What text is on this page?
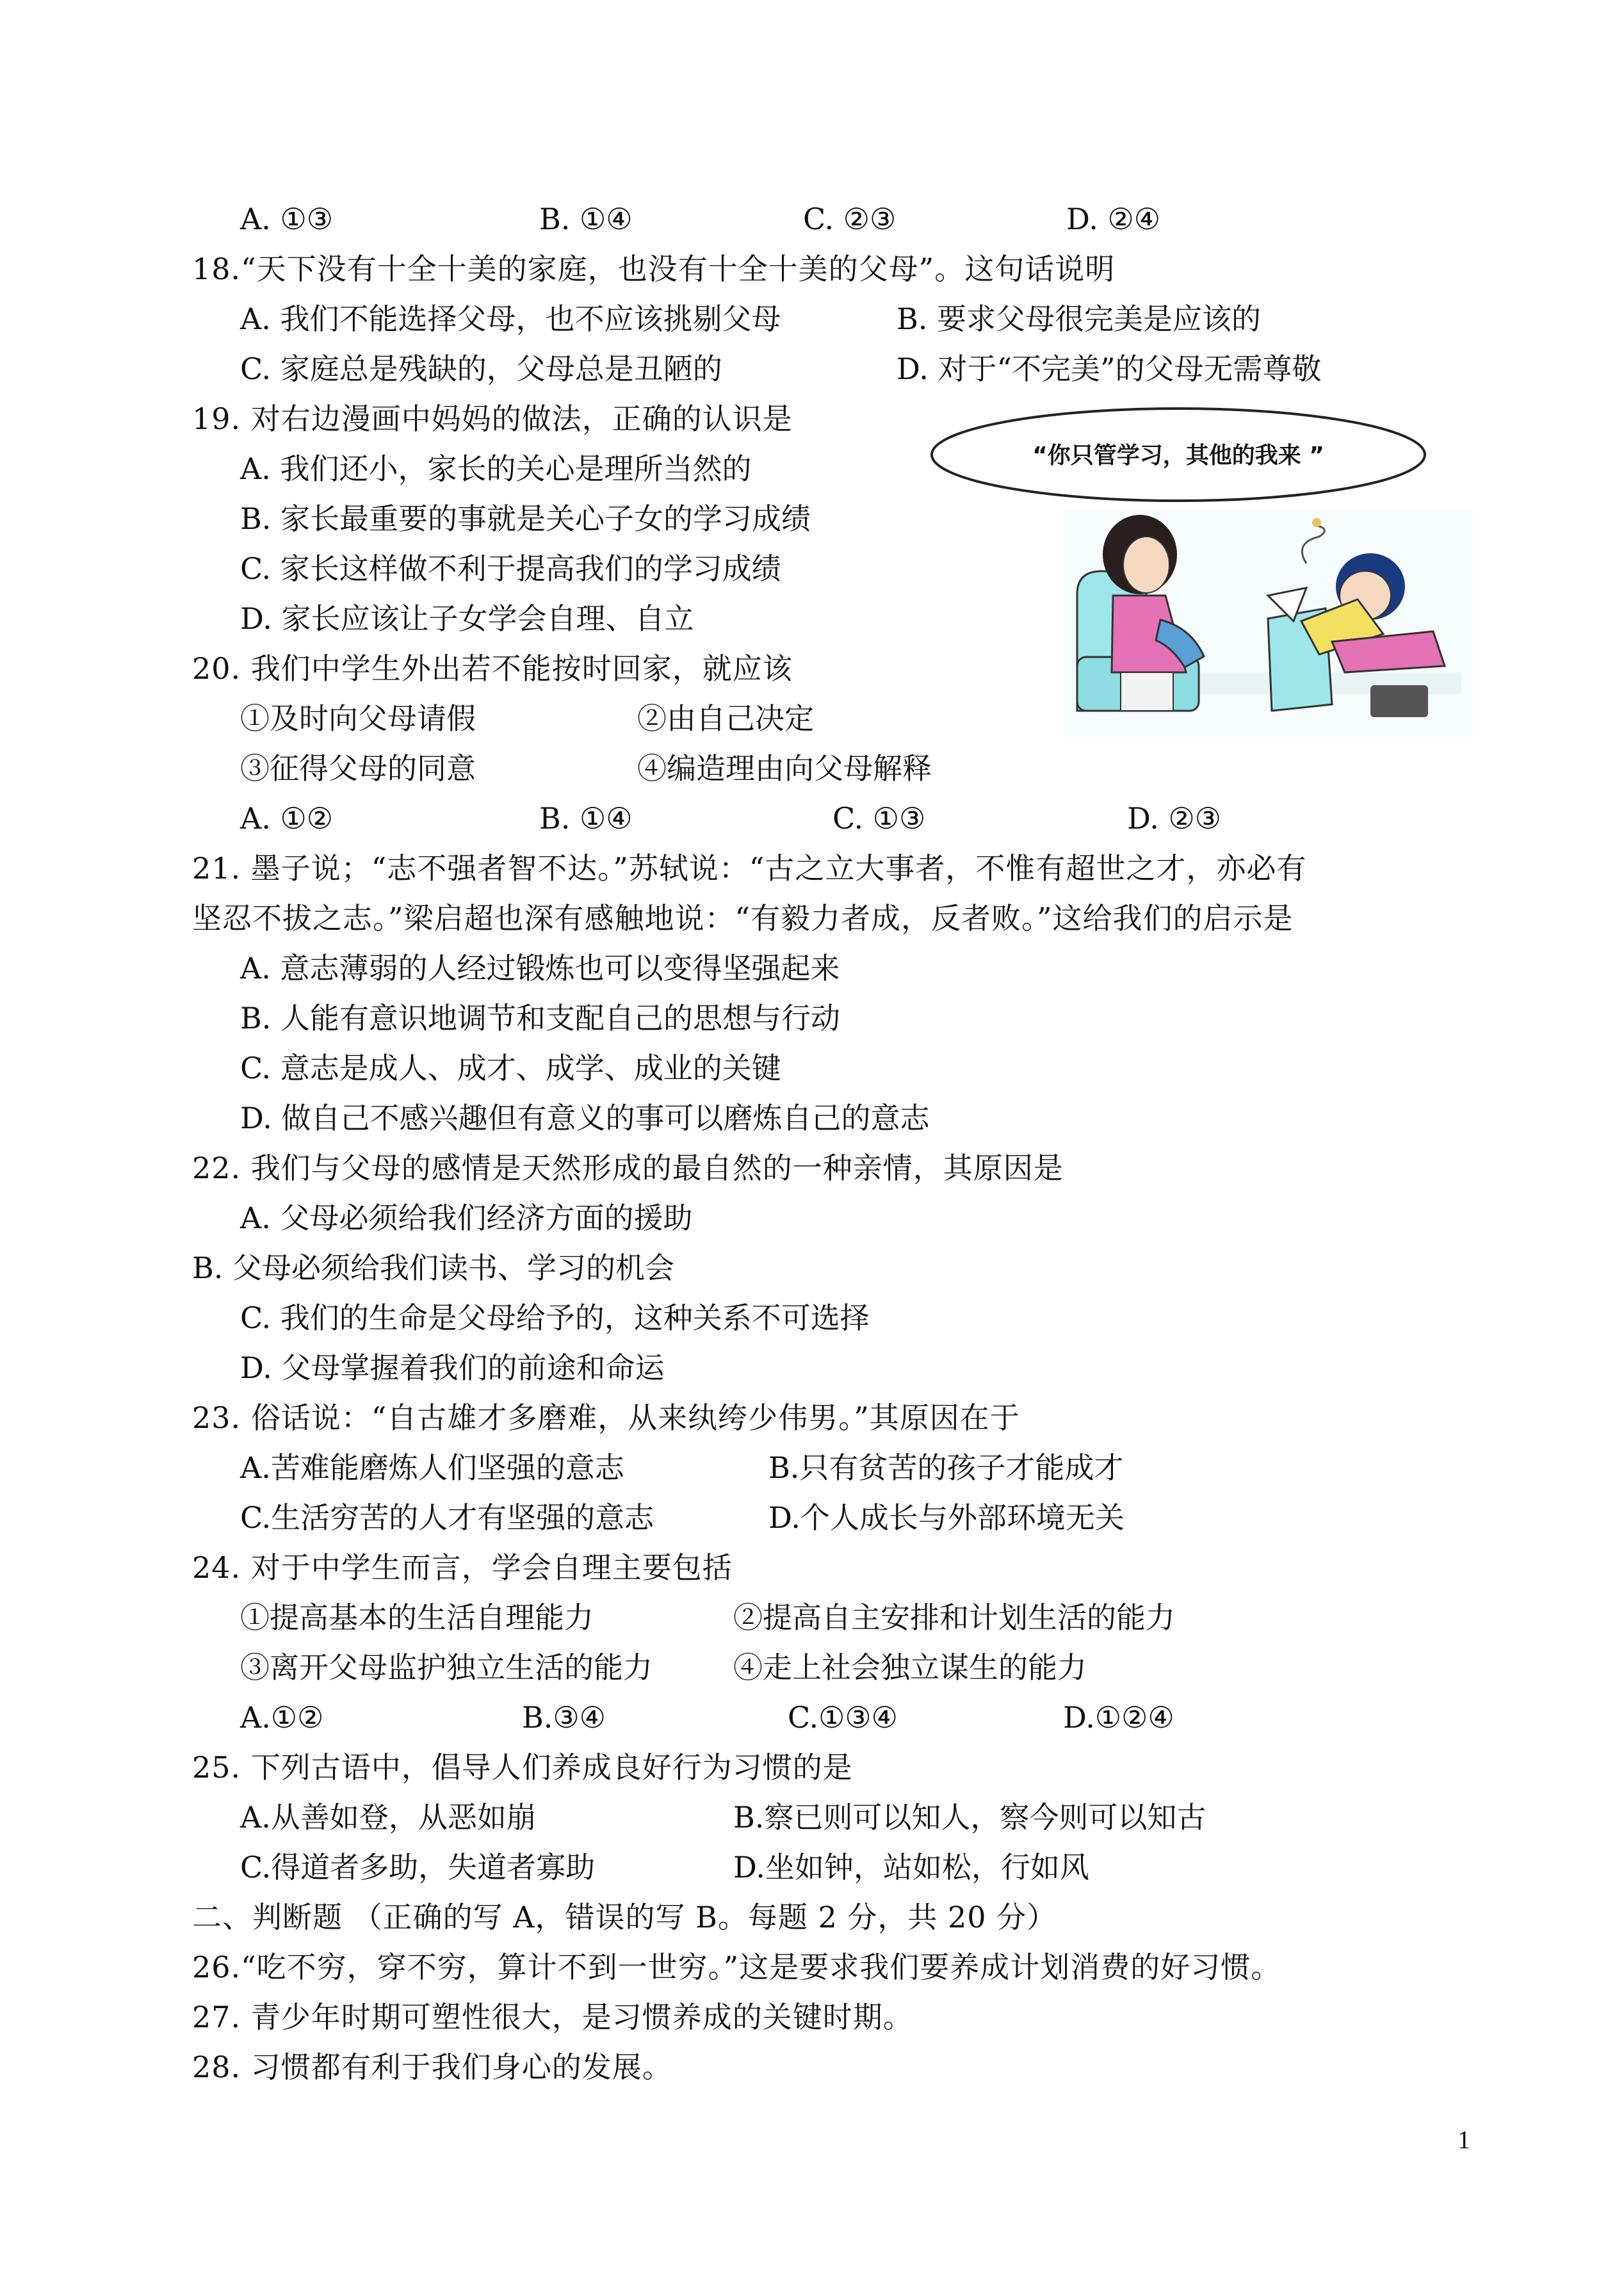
A. ①③	B. ①④	C. ②③	D. ②④
18.“天下没有十全十美的家庭，也没有十全十美的父母”。这句话说明
A. 我们不能选择父母，也不应该挑剔父母	B. 要求父母很完美是应该的
C. 家庭总是残缺的，父母总是丑陋的	D. 对于“不完美”的父母无需尊敬
19. 对右边漫画中妈妈的做法，正确的认识是
A. 我们还小，家长的关心是理所当然的
B. 家长最重要的事就是关心子女的学习成绩
C. 家长这样做不利于提高我们的学习成绩
D. 家长应该让子女学会自理、自立
“你只管学习，其他的我来 ”
20. 我们中学生外出若不能按时回家，就应该
①及时向父母请假	②由自己决定
③征得父母的同意	④编造理由向父母解释
A. ①②	B. ①④	C. ①③	D. ②③
21. 墨子说；“志不强者智不达。”苏轼说：“古之立大事者，不惟有超世之才，亦必有
坚忍不拔之志。”梁启超也深有感触地说：“有毅力者成，反者败。”这给我们的启示是
A. 意志薄弱的人经过锻炼也可以变得坚强起来
B. 人能有意识地调节和支配自己的思想与行动
C. 意志是成人、成才、成学、成业的关键
D. 做自己不感兴趣但有意义的事可以磨炼自己的意志
22. 我们与父母的感情是天然形成的最自然的一种亲情，其原因是
A. 父母必须给我们经济方面的援助
B. 父母必须给我们读书、学习的机会
C. 我们的生命是父母给予的，这种关系不可选择
D. 父母掌握着我们的前途和命运
23. 俗话说：“自古雄才多磨难，从来纨绔少伟男。”其原因在于
A.苦难能磨炼人们坚强的意志	B.只有贫苦的孩子才能成才
C.生活穷苦的人才有坚强的意志	D.个人成长与外部环境无关
24. 对于中学生而言，学会自理主要包括
①提高基本的生活自理能力	②提高自主安排和计划生活的能力
③离开父母监护独立生活的能力	④走上社会独立谋生的能力
A.①②	B.③④	C.①③④	D.①②④
25. 下列古语中，倡导人们养成良好行为习惯的是
A.从善如登，从恶如崩	B.察已则可以知人，察今则可以知古
C.得道者多助，失道者寡助	D.坐如钟，站如松，行如风
二、判断题 （正确的写 A，错误的写 B。每题 2 分，共 20 分）
26.“吃不穷，穿不穷，算计不到一世穷。”这是要求我们要养成计划消费的好习惯。
27. 青少年时期可塑性很大，是习惯养成的关键时期。
28. 习惯都有利于我们身心的发展。
1
